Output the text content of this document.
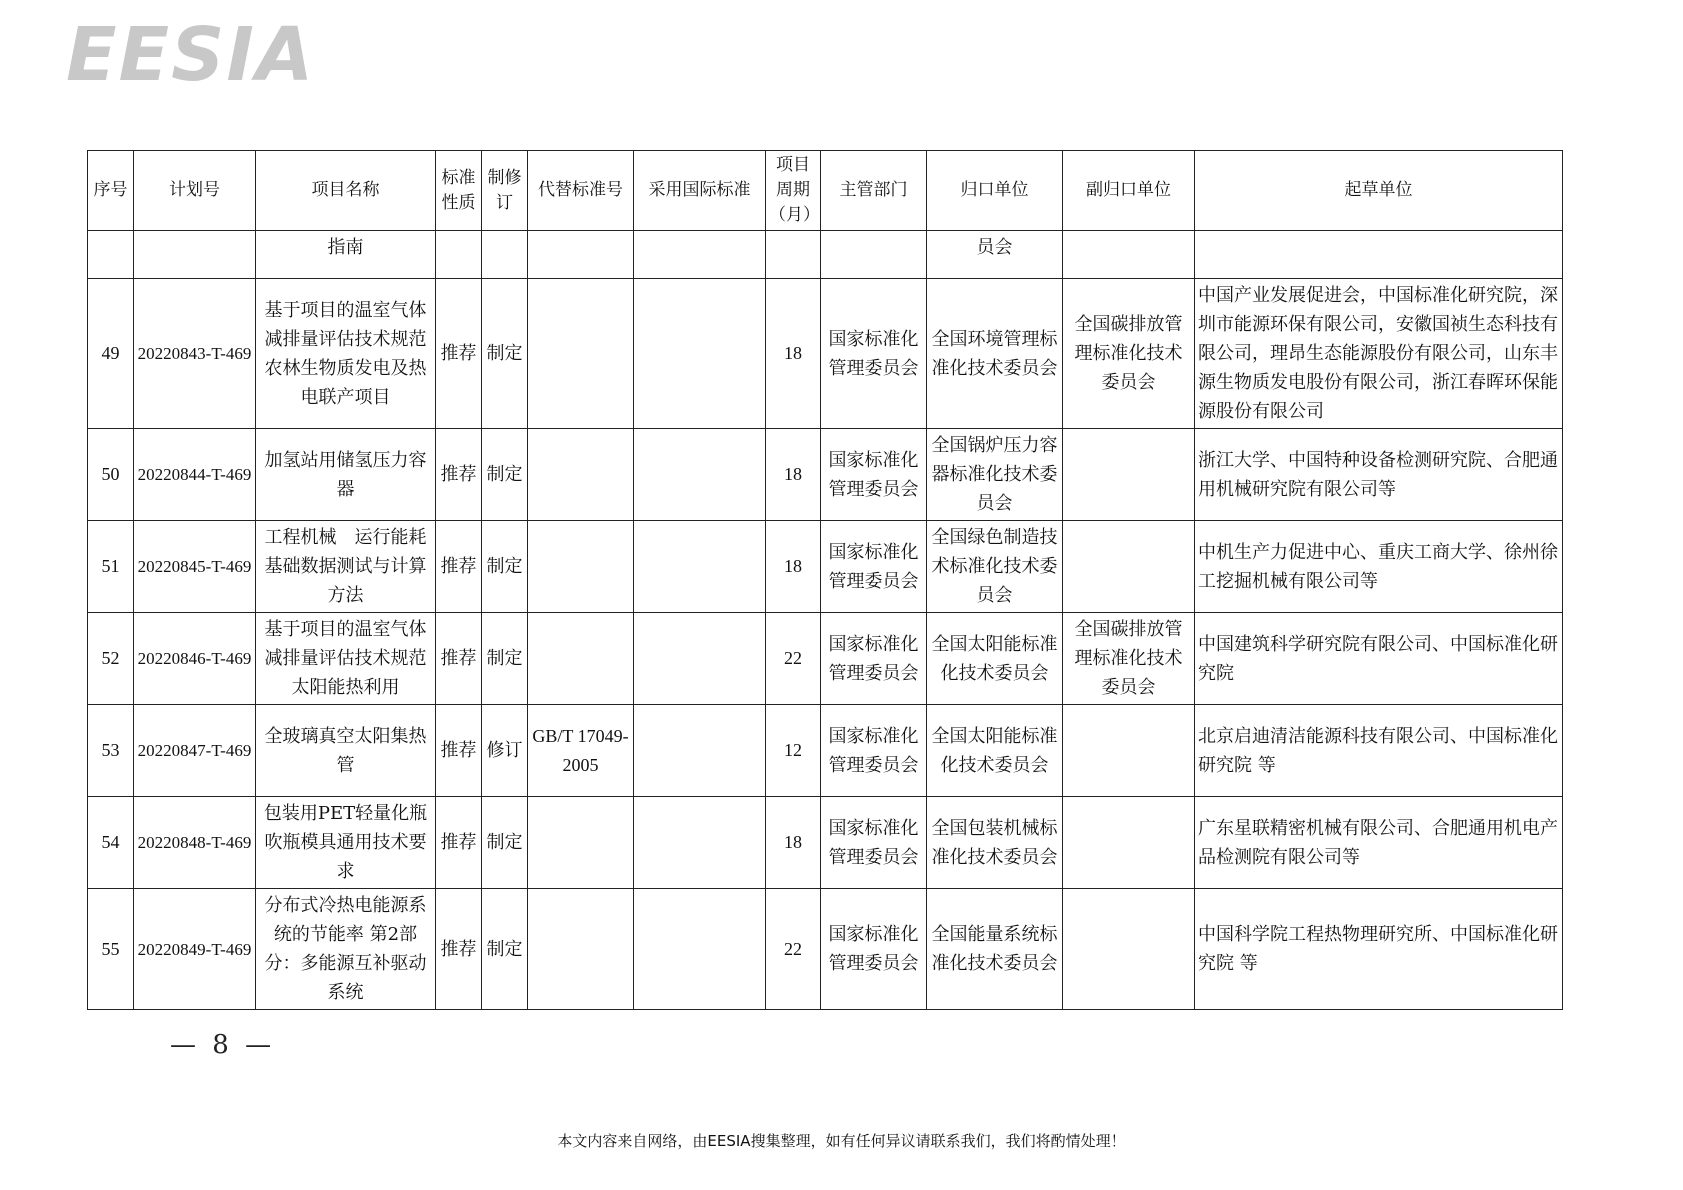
EESIA
序号	计划号	项目名称	标准性质	制修订	代替标准号	采用国际标准	项目周期（月）	主管部门	归口单位	副归口单位	起草单位
		指南							员会		
49	20220843-T-469	基于项目的温室气体减排量评估技术规范 农林生物质发电及热电联产项目	推荐	制定			18	国家标准化管理委员会	全国环境管理标准化技术委员会	全国碳排放管理标准化技术委员会	中国产业发展促进会，中国标准化研究院，深圳市能源环保有限公司，安徽国祯生态科技有限公司，理昂生态能源股份有限公司，山东丰源生物质发电股份有限公司，浙江春晖环保能源股份有限公司
50	20220844-T-469	加氢站用储氢压力容器	推荐	制定			18	国家标准化管理委员会	全国锅炉压力容器标准化技术委员会		浙江大学、中国特种设备检测研究院、合肥通用机械研究院有限公司等
51	20220845-T-469	工程机械　运行能耗基础数据测试与计算方法	推荐	制定			18	国家标准化管理委员会	全国绿色制造技术标准化技术委员会		中机生产力促进中心、重庆工商大学、徐州徐工挖掘机械有限公司等
52	20220846-T-469	基于项目的温室气体减排量评估技术规范 太阳能热利用	推荐	制定			22	国家标准化管理委员会	全国太阳能标准化技术委员会	全国碳排放管理标准化技术委员会	中国建筑科学研究院有限公司、中国标准化研究院
53	20220847-T-469	全玻璃真空太阳集热管	推荐	修订	GB/T 17049-2005		12	国家标准化管理委员会	全国太阳能标准化技术委员会		北京启迪清洁能源科技有限公司、中国标准化研究院 等
54	20220848-T-469	包装用PET轻量化瓶吹瓶模具通用技术要求	推荐	制定			18	国家标准化管理委员会	全国包装机械标准化技术委员会		广东星联精密机械有限公司、合肥通用机电产品检测院有限公司等
55	20220849-T-469	分布式冷热电能源系统的节能率 第2部分：多能源互补驱动系统	推荐	制定			22	国家标准化管理委员会	全国能量系统标准化技术委员会		中国科学院工程热物理研究所、中国标准化研究院 等
— 8 —
本文内容来自网络，由EESIA搜集整理，如有任何异议请联系我们，我们将酌情处理！
